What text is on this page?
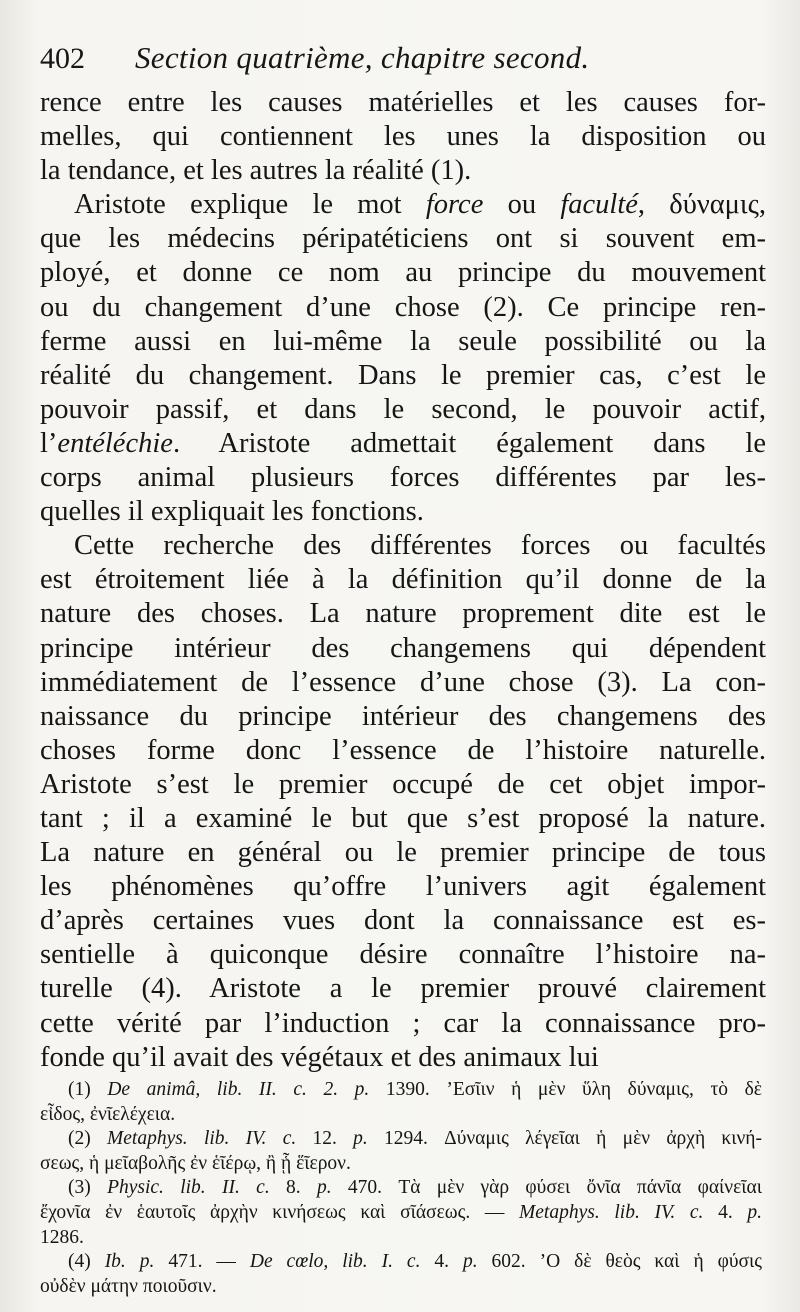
402 Section quatrième, chapitre second.
rence entre les causes matérielles et les causes for-
melles, qui contiennent les unes la disposition ou
la tendance, et les autres la réalité (1).
Aristote explique le mot force ou faculté, δύναμις,
que les médecins péripatéticiens ont si souvent em-
ployé, et donne ce nom au principe du mouvement
ou du changement d’une chose (2). Ce principe ren-
ferme aussi en lui-même la seule possibilité ou la
réalité du changement. Dans le premier cas, c’est le
pouvoir passif, et dans le second, le pouvoir actif,
l’entéléchie. Aristote admettait également dans le
corps animal plusieurs forces différentes par les-
quelles il expliquait les fonctions.
Cette recherche des différentes forces ou facultés
est étroitement liée à la définition qu’il donne de la
nature des choses. La nature proprement dite est le
principe intérieur des changemens qui dépendent
immédiatement de l’essence d’une chose (3). La con-
naissance du principe intérieur des changemens des
choses forme donc l’essence de l’histoire naturelle.
Aristote s’est le premier occupé de cet objet impor-
tant ; il a examiné le but que s’est proposé la nature.
La nature en général ou le premier principe de tous
les phénomènes qu’offre l’univers agit également
d’après certaines vues dont la connaissance est es-
sentielle à quiconque désire connaître l’histoire na-
turelle (4). Aristote a le premier prouvé clairement
cette vérité par l’induction ; car la connaissance pro-
fonde qu’il avait des végétaux et des animaux lui
(1) De animâ, lib. II. c. 2. p. 1390. ’Εσῖιν ἡ μὲν ὕλη δύναμις, τὸ δὲ
εἶδος, ἐνῖελέχεια.
(2) Metaphys. lib. IV. c. 12. p. 1294. Δύναμις λέγεῖαι ἡ μὲν ἀρχὴ κινή-
σεως, ἡ μεῖαβολῆς ἐν ἑῖέρῳ, ἢ ᾗ ἕῖερον.
(3) Physic. lib. II. c. 8. p. 470. Τὰ μὲν γὰρ φύσει ὄνῖα πάνῖα φαίνεῖαι
ἔχονῖα ἐν ἑαυτοῖς ἀρχὴν κινήσεως καὶ σῖάσεως. — Metaphys. lib. IV. c. 4. p.
1286.
(4) Ib. p. 471. — De cœlo, lib. I. c. 4. p. 602. ’Ο δὲ θεὸς καὶ ἡ φύσις
οὐδὲν μάτην ποιοῦσιν.
